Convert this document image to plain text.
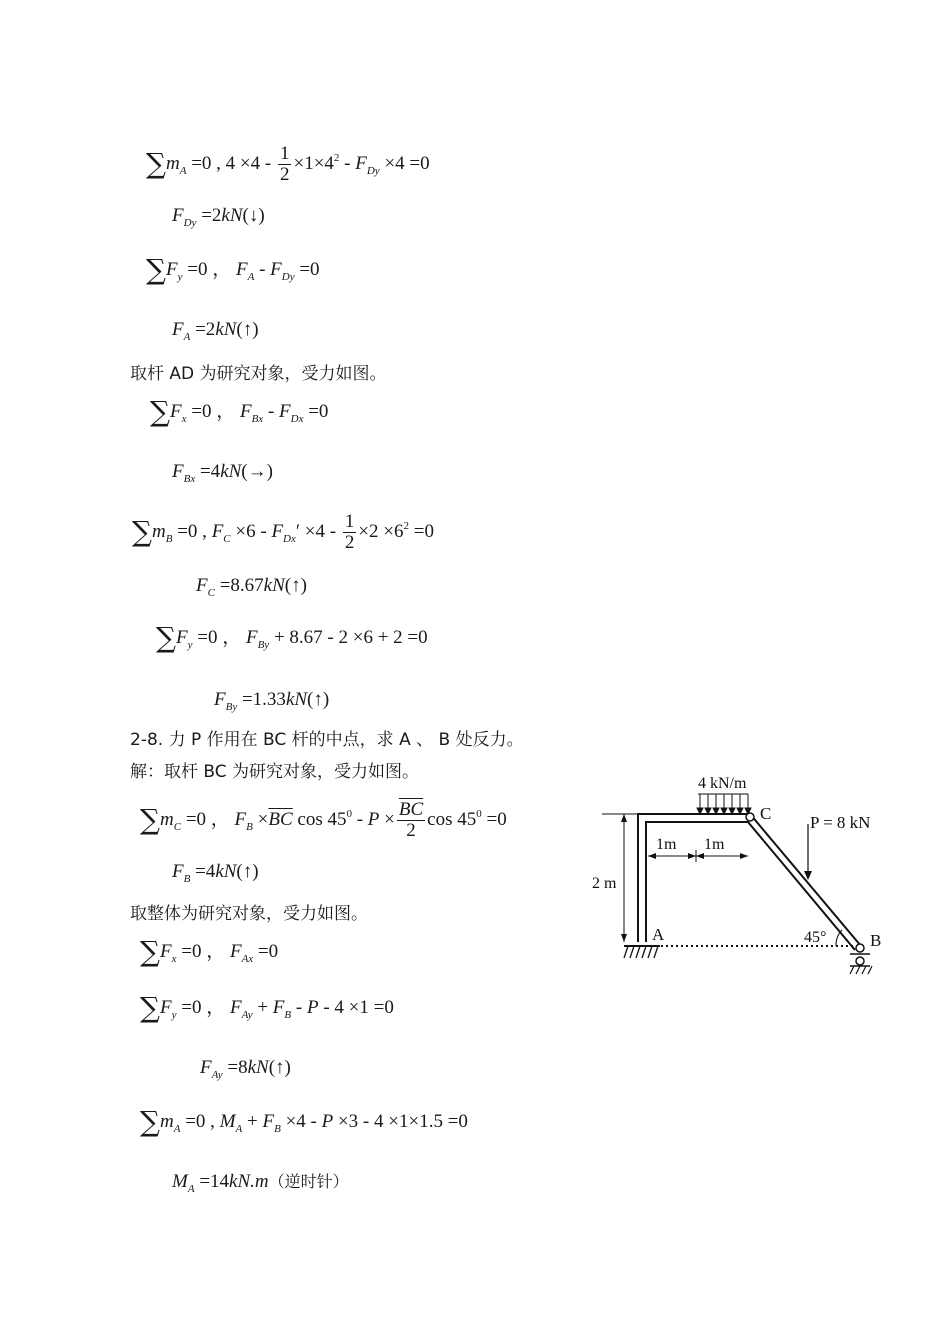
$\sum m_A =0$ , $4 \times 4 - \frac{1}{2} \times 1\times 4^2 - F_{Dy} \times 4 =0$
$F_{Dy}$ =2kN(↓)
$\sum F_y =0$ ， $F_A - F_{Dy} =0$
$F_A$ =2kN(↑)
取杆 AD 为研究对象，受力如图。
$\sum F_x =0$ ， $F_{Bx} - F_{Dx} =0$
$F_{Bx} =4kN(\to)$
$\sum m_B =0$ , $F_C \times 6 - F_{Dx}' \times 4 - \frac{1}{2} \times 2 \times 6^2 =0$
$F_C$ =8.67kN(↑)
$\sum F_y =0$ ， $F_{By} + 8.67 - 2 \times 6 + 2 =0$
$F_{By}$ =1.33kN(↑)
2-8. 力 P 作用在 BC 杆的中点，求 A 、 B 处反力。
解：取杆 BC 为研究对象，受力如图。
$\sum m_C =0$ ， $F_B \times\overline{BC}$ $\cos 45^0 - P \times \frac{\overline{BC}}{2}$ $\cos 45^0 =0$
$F_B$ =4kN(↑)
取整体为研究对象，受力如图。
$\sum F_x =0$ ， $F_{Ax} =0$
$\sum F_y =0$ ， $F_{Ay} + F_B - P - 4 \times 1 =0$
$F_{Ay}$ =8kN(↑)
$\sum m_A =0$ , $M_A + F_B \times 4 - P \times 3 - 4 \times 1\times 1.5 =0$
$M_A =14kN.m$（逆时针）
2 m
1m 1m
4 kN/m
C P = 8 kN
A	45°	B
